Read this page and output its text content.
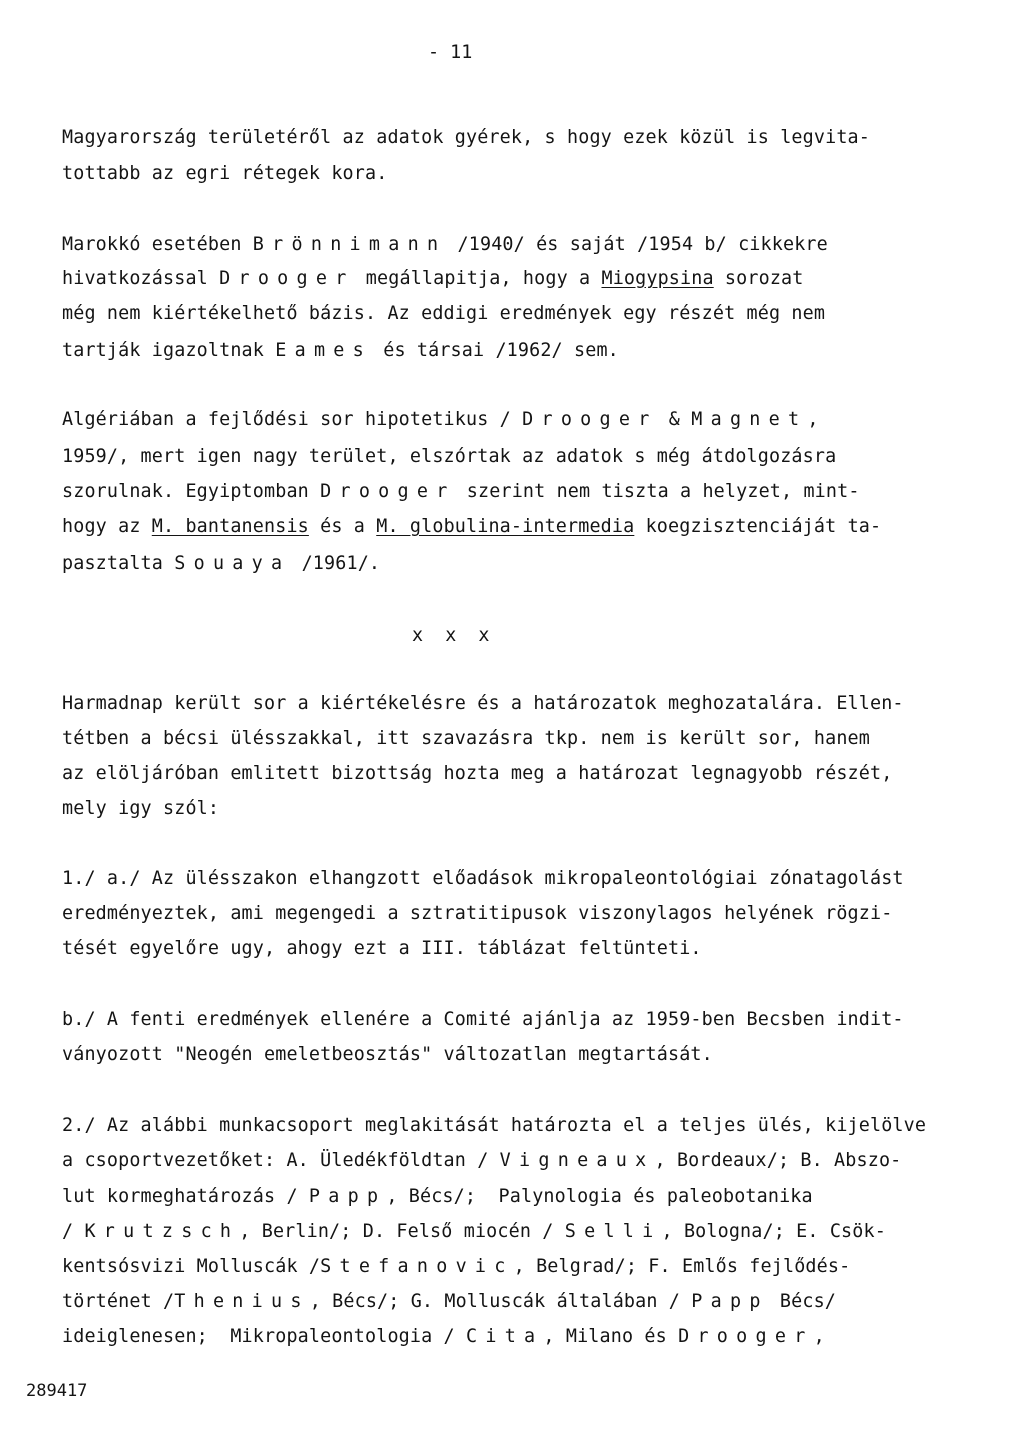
- 11
Magyarország területéről az adatok gyérek, s hogy ezek közül is legvita-
tottabb az egri rétegek kora.
Marokkó esetében Brönnimann /1940/ és saját /1954 b/ cikkekre
hivatkozással Drooger megállapitja, hogy a Miogypsina sorozat
még nem kiértékelhető bázis. Az eddigi eredmények egy részét még nem
tartják igazoltnak Eames és társai /1962/ sem.
Algériában a fejlődési sor hipotetikus / Drooger & Magnet,
1959/, mert igen nagy terület, elszórtak az adatok s még átdolgozásra
szorulnak. Egyiptomban Drooger szerint nem tiszta a helyzet, mint-
hogy az M. bantanensis és a M. globulina-intermedia koegzisztenciáját ta-
pasztalta Souaya /1961/.
x  x  x
Harmadnap került sor a kiértékelésre és a határozatok meghozatalára. Ellen-
tétben a bécsi ülésszakkal, itt szavazásra tkp. nem is került sor, hanem
az elöljáróban emlitett bizottság hozta meg a határozat legnagyobb részét,
mely igy szól:
1./ a./ Az ülésszakon elhangzott előadások mikropaleontológiai zónatagolást
eredményeztek, ami megengedi a sztratitipusok viszonylagos helyének rögzi-
tését egyelőre ugy, ahogy ezt a III. táblázat feltünteti.
b./ A fenti eredmények ellenére a Comité ajánlja az 1959-ben Becsben indit-
ványozott "Neogén emeletbeosztás" változatlan megtartását.
2./ Az alábbi munkacsoport meglakitását határozta el a teljes ülés, kijelölve
a csoportvezetőket: A. Üledékföldtan / Vigneaux, Bordeaux/; B. Abszo-
lut kormeghatározás / Papp, Bécs/;  Palynologia és paleobotanika
/ Krutzsch, Berlin/; D. Felső miocén / Selli, Bologna/; E. Csök-
kentsósvizi Molluscák /Stefanovic, Belgrad/; F. Emlős fejlődés-
történet /Thenius, Bécs/; G. Molluscák általában / Papp Bécs/
ideiglenesen;  Mikropaleontologia / Cita, Milano és Drooger,
289417
